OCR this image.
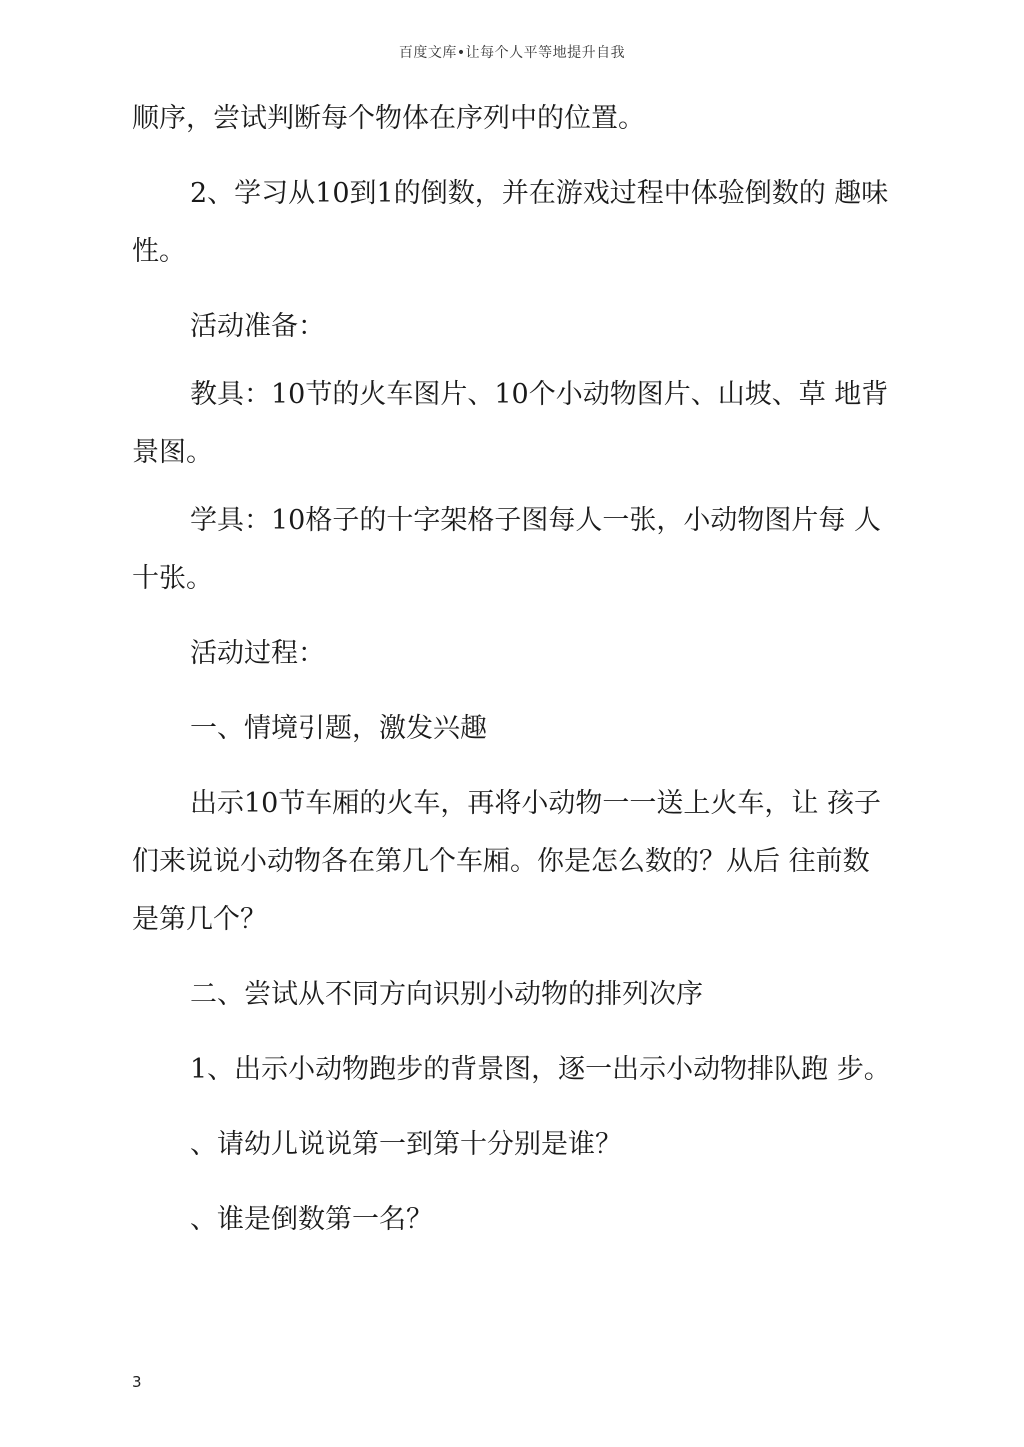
百度文库•让每个人平等地提升自我

顺序，尝试判断每个物体在序列中的位置。

2、学习从10到1的倒数，并在游戏过程中体验倒数的 趣味性。

活动准备：

教具：10节的火车图片、10个小动物图片、山坡、草 地背景图。

学具：10格子的十字架格子图每人一张，小动物图片每 人十张。

活动过程：

一、情境引题，激发兴趣

出示10节车厢的火车，再将小动物一一送上火车，让 孩子们来说说小动物各在第几个车厢。你是怎么数的？从后 往前数是第几个？

二、尝试从不同方向识别小动物的排列次序

1、出示小动物跑步的背景图，逐一出示小动物排队跑 步。

、请幼儿说说第一到第十分别是谁？

、谁是倒数第一名？

3
